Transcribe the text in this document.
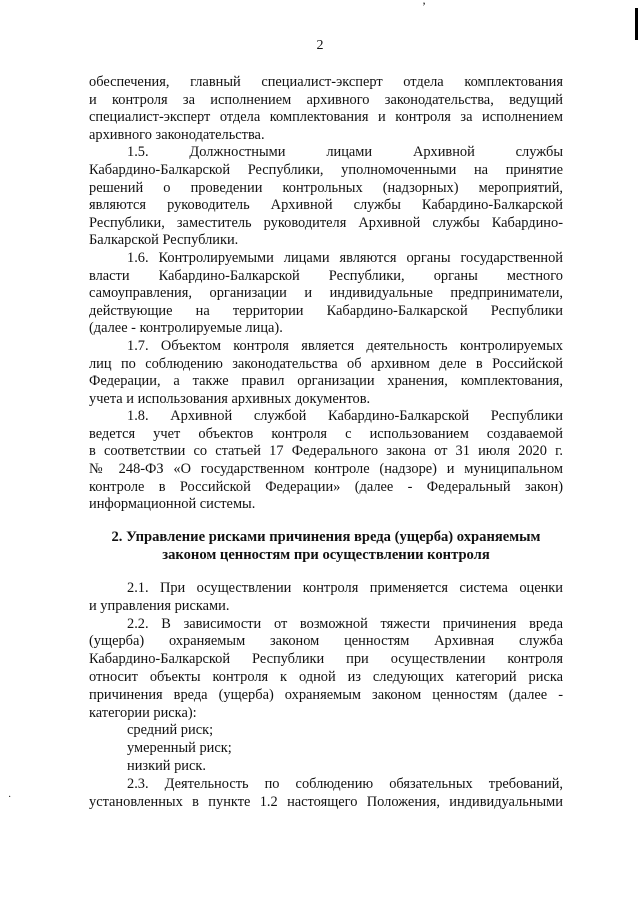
’
2

обеспечения, главный специалист-эксперт отдела комплектования

и контроля за исполнением архивного законодательства, ведущий

специалист-эксперт отдела комплектования и контроля за исполнением

архивного законодательства.

1.5. Должностными лицами Архивной службы

Кабардино-Балкарской Республики, уполномоченными на принятие

решений о проведении контрольных (надзорных) мероприятий,

являются руководитель Архивной службы Кабардино-Балкарской

Республики, заместитель руководителя Архивной службы Кабардино-

Балкарской Республики.

1.6. Контролируемыми лицами являются органы государственной

власти Кабардино-Балкарской Республики, органы местного

самоуправления, организации и индивидуальные предприниматели,

действующие на территории Кабардино-Балкарской Республики

(далее - контролируемые лица).

1.7. Объектом контроля является деятельность контролируемых

лиц по соблюдению законодательства об архивном деле в Российской

Федерации, а также правил организации хранения, комплектования,

учета и использования архивных документов.

1.8. Архивной службой Кабардино-Балкарской Республики

ведется учет объектов контроля с использованием создаваемой

в соответствии со статьей 17 Федерального закона от 31 июля 2020 г.

№ 248-ФЗ «О государственном контроле (надзоре) и муниципальном

контроле в Российской Федерации» (далее - Федеральный закон)

информационной системы.

2. Управление рисками причинения вреда (ущерба) охраняемым

законом ценностям при осуществлении контроля

2.1. При осуществлении контроля применяется система оценки

и управления рисками.

2.2. В зависимости от возможной тяжести причинения вреда

(ущерба) охраняемым законом ценностям Архивная служба

Кабардино-Балкарской Республики при осуществлении контроля

относит объекты контроля к одной из следующих категорий риска

причинения вреда (ущерба) охраняемым законом ценностям (далее -

категории риска):

средний риск;

умеренный риск;

низкий риск.

2.3. Деятельность по соблюдению обязательных требований,

установленных в пункте 1.2 настоящего Положения, индивидуальными

·
